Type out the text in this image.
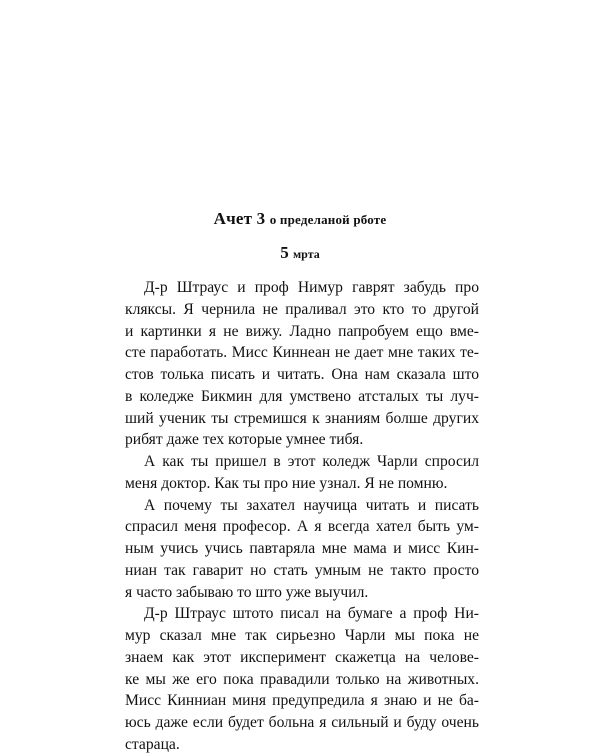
Ачет 3 о пределаной рботе
5 мрта
Д-р Штраус и проф Нимур гаврят забудь про
кляксы. Я чернила не праливал это кто то другой
и картинки я не вижу. Ладно папробуем ещо вме-
сте паработать. Мисс Киннеан не дает мне таких те-
стов толька писать и читать. Она нам сказала што
в коледже Бикмин для умствено атсталых ты луч-
ший ученик ты стремишся к знаниям болше других
рибят даже тех которые умнее тибя.
А как ты пришел в этот коледж Чарли спросил
меня доктор. Как ты про ние узнал. Я не помню.
А почему ты захател научица читать и писать
спрасил меня професор. А я всегда хател быть ум-
ным учись учись павтаряла мне мама и мисс Кин-
ниан так гаварит но стать умным не такто просто
я часто забываю то што уже выучил.
Д-р Штраус штото писал на бумаге а проф Ни-
мур сказал мне так сирьезно Чарли мы пока не
знаем как этот иксперимент скажетца на челове-
ке мы же его пока правадили только на животных.
Мисс Кинниан миня предупредила я знаю и не ба-
юсь даже если будет больна я сильный и буду очень
стараца.
